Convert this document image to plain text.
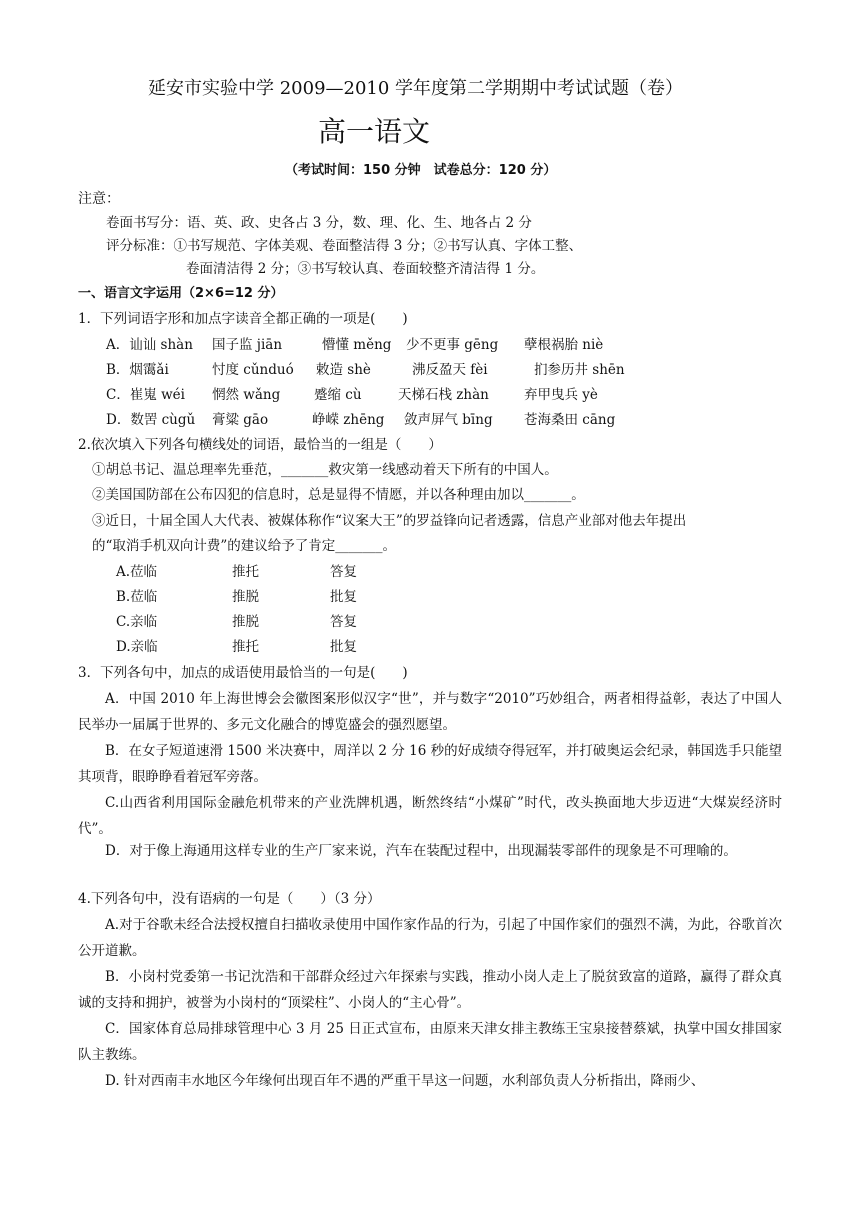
延安市实验中学 2009—2010 学年度第二学期期中考试试题（卷）
高一语文
（考试时间：150 分钟　试卷总分：120 分）
注意：
卷面书写分：语、英、政、史各占 3 分，数、理、化、生、地各占 2 分
评分标准：①书写规范、字体美观、卷面整洁得 3 分；②书写认真、字体工整、
卷面清洁得 2 分；③书写较认真、卷面较整齐清洁得 1 分。
一、语言文字运用（2×6=12 分）
1．下列词语字形和加点字读音全都正确的一项是(　　)
A．讪讪 shàn 国子监 jiān	懵懂 měng 少不更事 gēng 孽根祸胎 niè
B．烟霭ǎi	忖度 cǔnduó 敕造 shè	沸反盈天 fèi	扪参历井 shēn
C．崔嵬 wéi 惘然 wǎng	蹙缩 cù	天梯石栈 zhàn	弃甲曳兵 yè
D．数罟 cùgǔ 膏粱 gāo	峥嵘 zhēng 敛声屏气 bīng 苍海桑田 cāng
2.依次填入下列各句横线处的词语，最恰当的一组是（　　）
①胡总书记、温总理率先垂范，_______救灾第一线感动着天下所有的中国人。
②美国国防部在公布囚犯的信息时，总是显得不情愿，并以各种理由加以_______。
③近日，十届全国人大代表、被媒体称作“议案大王”的罗益锋向记者透露，信息产业部对他去年提出
的“取消手机双向计费”的建议给予了肯定_______。
A.莅临	推托	答复
B.莅临	推脱	批复
C.亲临	推脱	答复
D.亲临	推托	批复
3．下列各句中，加点的成语使用最恰当的一句是(　　)
A．中国 2010 年上海世博会会徽图案形似汉字“世”，并与数字“2010”巧妙组合，两者相得益彰，表达了中国人民举办一届属于世界的、多元文化融合的博览盛会的强烈愿望。
B．在女子短道速滑 1500 米决赛中，周洋以 2 分 16 秒的好成绩夺得冠军，并打破奥运会纪录，韩国选手只能望其项背，眼睁睁看着冠军旁落。
C.山西省利用国际金融危机带来的产业洗牌机遇，断然终结“小煤矿”时代，改头换面地大步迈进“大煤炭经济时代”。
D．对于像上海通用这样专业的生产厂家来说，汽车在装配过程中，出现漏装零部件的现象是不可理喻的。
4.下列各句中，没有语病的一句是（　　）（3 分）
A.对于谷歌未经合法授权擅自扫描收录使用中国作家作品的行为，引起了中国作家们的强烈不满，为此，谷歌首次公开道歉。
B．小岗村党委第一书记沈浩和干部群众经过六年探索与实践，推动小岗人走上了脱贫致富的道路，赢得了群众真诚的支持和拥护，被誉为小岗村的“顶梁柱”、小岗人的“主心骨”。
C．国家体育总局排球管理中心 3 月 25 日正式宣布，由原来天津女排主教练王宝泉接替蔡斌，执掌中国女排国家队主教练。
D. 针对西南丰水地区今年缘何出现百年不遇的严重干旱这一问题，水利部负责人分析指出，降雨少、
